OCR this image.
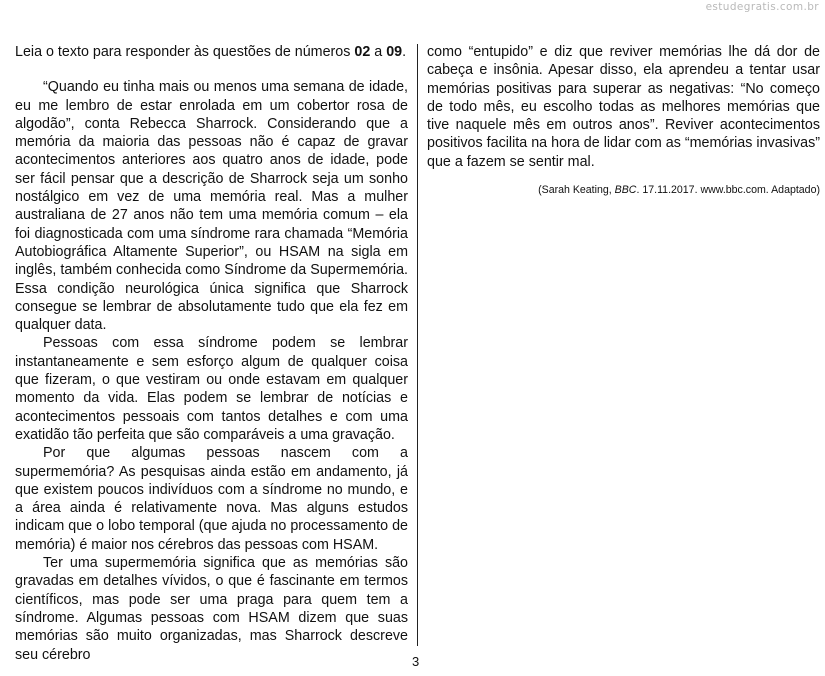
estudegratis.com.br
Leia o texto para responder às questões de números 02 a 09.

“Quando eu tinha mais ou menos uma semana de idade, eu me lembro de estar enrolada em um cobertor rosa de algodão”, conta Rebecca Sharrock. Considerando que a memória da maioria das pessoas não é capaz de gravar acontecimentos anteriores aos quatro anos de idade, pode ser fácil pensar que a descrição de Sharrock seja um sonho nostálgico em vez de uma memória real. Mas a mulher australiana de 27 anos não tem uma memória comum – ela foi diagnosticada com uma síndrome rara chamada “Memória Autobiográfica Altamente Superior”, ou HSAM na sigla em inglês, também conhecida como Síndrome da Supermemória. Essa condição neurológica única significa que Sharrock consegue se lembrar de absolutamente tudo que ela fez em qualquer data.

Pessoas com essa síndrome podem se lembrar instantaneamente e sem esforço algum de qualquer coisa que fizeram, o que vestiram ou onde estavam em qualquer momento da vida. Elas podem se lembrar de notícias e acontecimentos pessoais com tantos detalhes e com uma exatidão tão perfeita que são comparáveis a uma gravação.

Por que algumas pessoas nascem com a supermemória? As pesquisas ainda estão em andamento, já que existem poucos indivíduos com a síndrome no mundo, e a área ainda é relativamente nova. Mas alguns estudos indicam que o lobo temporal (que ajuda no processamento de memória) é maior nos cérebros das pessoas com HSAM.

Ter uma supermemória significa que as memórias são gravadas em detalhes vívidos, o que é fascinante em termos científicos, mas pode ser uma praga para quem tem a síndrome. Algumas pessoas com HSAM dizem que suas memórias são muito organizadas, mas Sharrock descreve seu cérebro

como “entupido” e diz que reviver memórias lhe dá dor de cabeça e insônia. Apesar disso, ela aprendeu a tentar usar memórias positivas para superar as negativas: “No começo de todo mês, eu escolho todas as melhores memórias que tive naquele mês em outros anos”. Reviver acontecimentos positivos facilita na hora de lidar com as “memórias invasivas” que a fazem se sentir mal.

(Sarah Keating, BBC. 17.11.2017. www.bbc.com. Adaptado)
3
